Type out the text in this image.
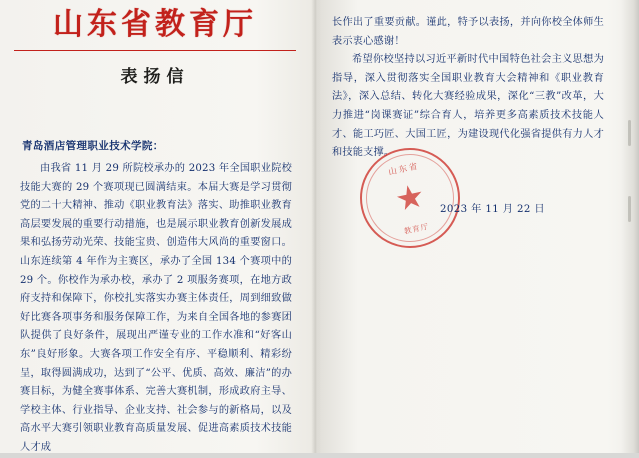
山东省教育厅
表扬信
青岛酒店管理职业技术学院：

由我省 11 月 29 所院校承办的 2023 年全国职业院校技能大赛的 29 个赛项现已圆满结束。本届大赛是学习贯彻党的二十大精神、推动《职业教育法》落实、助推职业教育高层要发展的重要行动措施，也是展示职业教育创新发展成果和弘扬劳动光荣、技能宝贵、创造伟大风尚的重要窗口。山东连续第 4 年作为主赛区，承办了全国 134 个赛项中的 29 个。你校作为承办校，承办了 2 项服务赛项，在地方政府支持和保障下，你校扎实落实办赛主体责任，周到细致做好比赛各项事务和服务保障工作，为来自全国各地的参赛团队提供了良好条件，展现出严谨专业的工作水准和“好客山东”良好形象。大赛各项工作安全有序、平稳顺利、精彩纷呈，取得圆满成功，达到了“公平、优质、高效、廉洁”的办赛目标，为健全赛事体系、完善大赛机制，形成政府主导、学校主体、行业指导、企业支持、社会参与的新格局，以及高水平大赛引领职业教育高质量发展、促进高素质技术技能人才成

长作出了重要贡献。谨此，特予以表扬，并向你校全体师生表示衷心感谢！

希望你校坚持以习近平新时代中国特色社会主义思想为指导，深入贯彻落实全国职业教育大会精神和《职业教育法》，深入总结、转化大赛经验成果，深化“三教”改革，大力推进“岗课赛证”综合育人，培养更多高素质技术技能人才、能工巧匠、大国工匠，为建设现代化强省提供有力人才和技能支撑。

山东省
教育厅
2023 年 11 月 22 日
